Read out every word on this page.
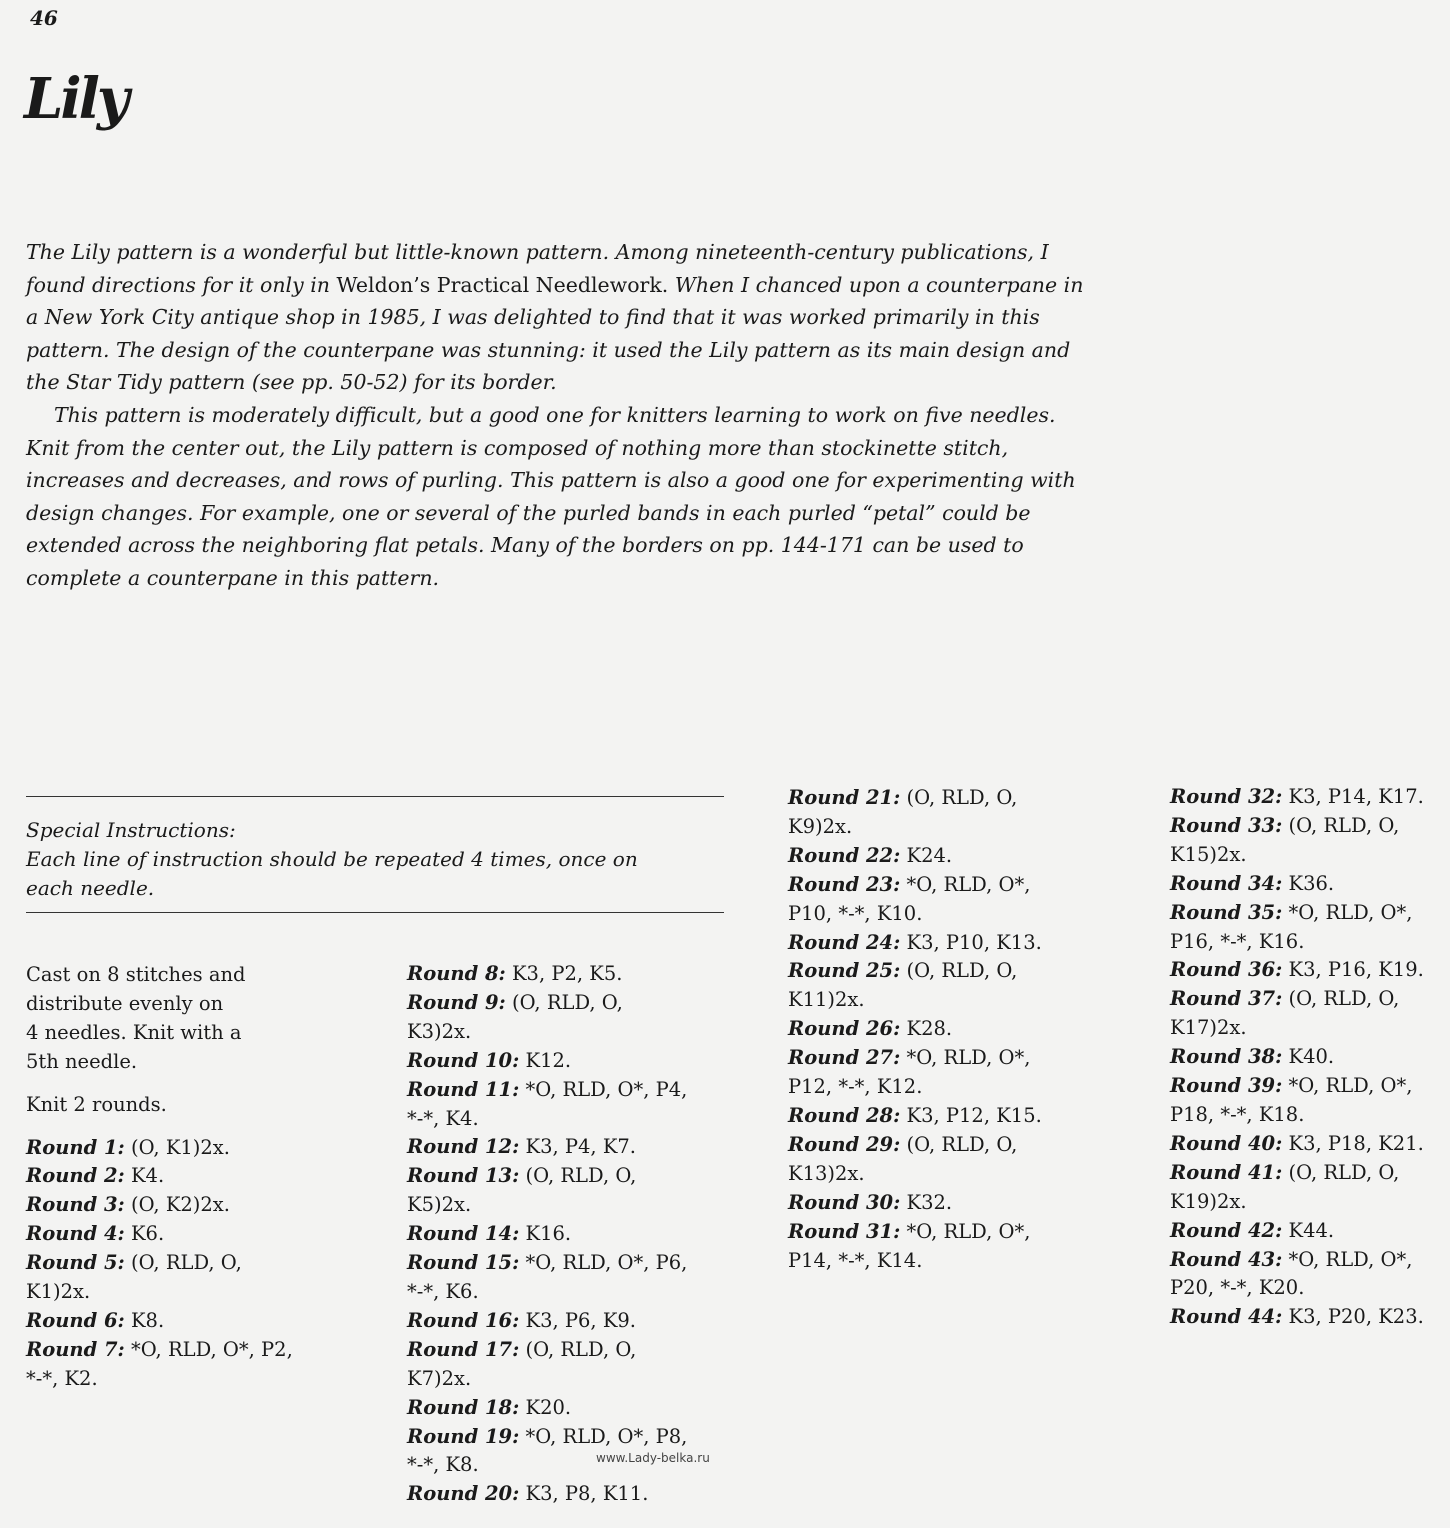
46
Lily

The Lily pattern is a wonderful but little-known pattern. Among nineteenth-century publications, I found directions for it only in Weldon’s Practical Needlework. When I chanced upon a counterpane in a New York City antique shop in 1985, I was delighted to find that it was worked primarily in this pattern. The design of the counterpane was stunning: it used the Lily pattern as its main design and the Star Tidy pattern (see pp. 50-52) for its border.

This pattern is moderately difficult, but a good one for knitters learning to work on five needles. Knit from the center out, the Lily pattern is composed of nothing more than stockinette stitch, increases and decreases, and rows of purling. This pattern is also a good one for experimenting with design changes. For example, one or several of the purled bands in each purled “petal” could be extended across the neighboring flat petals. Many of the borders on pp. 144-171 can be used to complete a counterpane in this pattern.

Special Instructions:
Each line of instruction should be repeated 4 times, once on
each needle.
Cast on 8 stitches and
distribute evenly on
4 needles. Knit with a
5th needle.
Knit 2 rounds.
Round 1: (O, K1)2x.
Round 2: K4.
Round 3: (O, K2)2x.
Round 4: K6.
Round 5: (O, RLD, O,
K1)2x.
Round 6: K8.
Round 7: *O, RLD, O*, P2,
*-*, K2.
Round 8: K3, P2, K5.
Round 9: (O, RLD, O,
K3)2x.
Round 10: K12.
Round 11: *O, RLD, O*, P4,
*-*, K4.
Round 12: K3, P4, K7.
Round 13: (O, RLD, O,
K5)2x.
Round 14: K16.
Round 15: *O, RLD, O*, P6,
*-*, K6.
Round 16: K3, P6, K9.
Round 17: (O, RLD, O,
K7)2x.
Round 18: K20.
Round 19: *O, RLD, O*, P8,
*-*, K8.
Round 20: K3, P8, K11.
Round 21: (O, RLD, O,
K9)2x.
Round 22: K24.
Round 23: *O, RLD, O*,
P10, *-*, K10.
Round 24: K3, P10, K13.
Round 25: (O, RLD, O,
K11)2x.
Round 26: K28.
Round 27: *O, RLD, O*,
P12, *-*, K12.
Round 28: K3, P12, K15.
Round 29: (O, RLD, O,
K13)2x.
Round 30: K32.
Round 31: *O, RLD, O*,
P14, *-*, K14.
Round 32: K3, P14, K17.
Round 33: (O, RLD, O,
K15)2x.
Round 34: K36.
Round 35: *O, RLD, O*,
P16, *-*, K16.
Round 36: K3, P16, K19.
Round 37: (O, RLD, O,
K17)2x.
Round 38: K40.
Round 39: *O, RLD, O*,
P18, *-*, K18.
Round 40: K3, P18, K21.
Round 41: (O, RLD, O,
K19)2x.
Round 42: K44.
Round 43: *O, RLD, O*,
P20, *-*, K20.
Round 44: K3, P20, K23.
www.Lady-belka.ru
